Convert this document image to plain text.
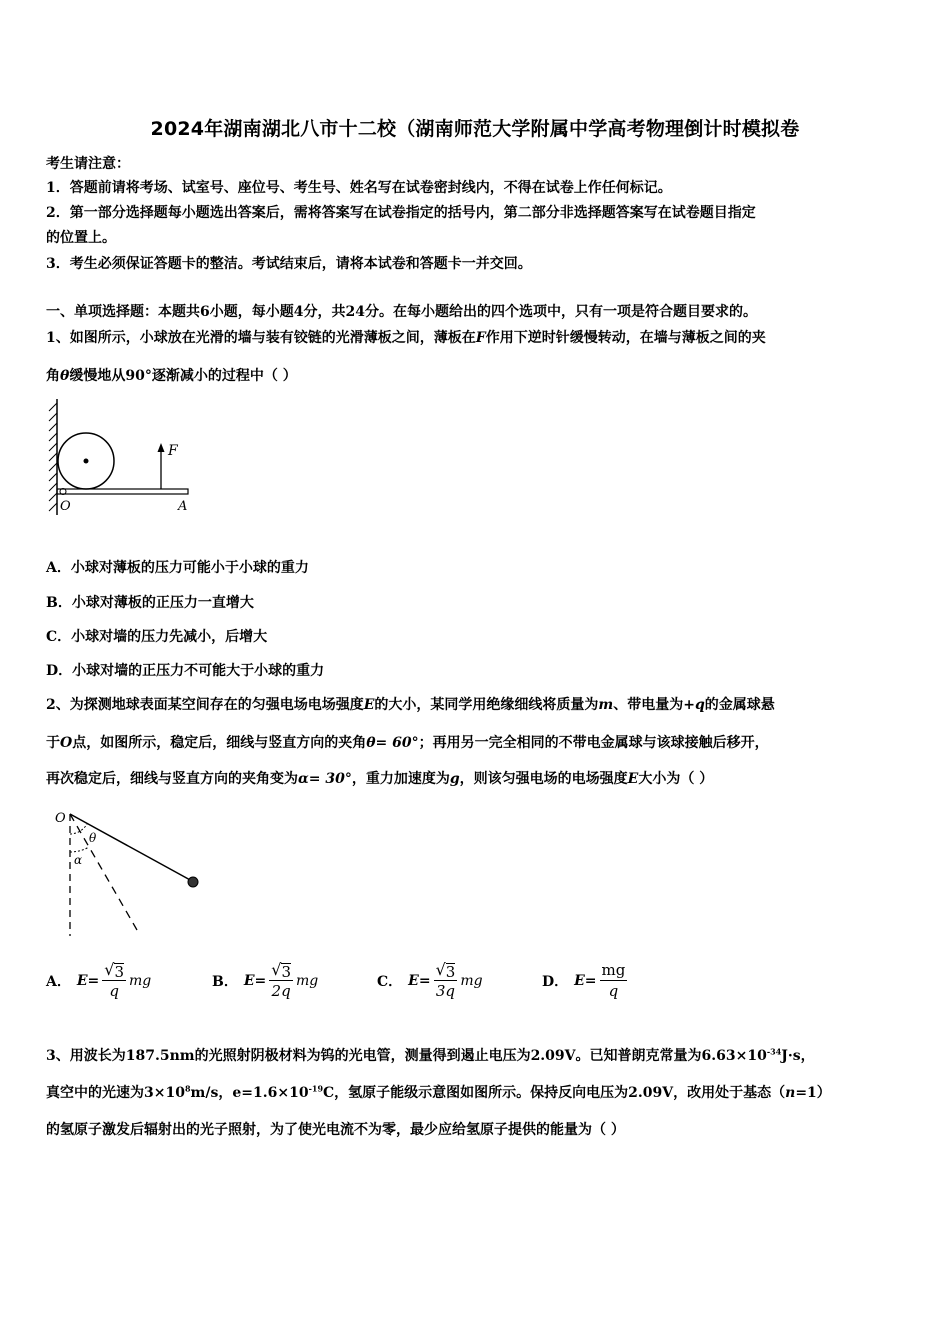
2024年湖南湖北八市十二校（湖南师范大学附属中学高考物理倒计时模拟卷
考生请注意：
1．答题前请将考场、试室号、座位号、考生号、姓名写在试卷密封线内，不得在试卷上作任何标记。
2．第一部分选择题每小题选出答案后，需将答案写在试卷指定的括号内，第二部分非选择题答案写在试卷题目指定
的位置上。
3．考生必须保证答题卡的整洁。考试结束后，请将本试卷和答题卡一并交回。
一、单项选择题：本题共6小题，每小题4分，共24分。在每小题给出的四个选项中，只有一项是符合题目要求的。
1、如图所示，小球放在光滑的墙与装有铰链的光滑薄板之间，薄板在F作用下逆时针缓慢转动，在墙与薄板之间的夹
角θ缓慢地从90°逐渐减小的过程中（ ）
F
O	A
A．小球对薄板的压力可能小于小球的重力
B．小球对薄板的正压力一直增大
C．小球对墙的压力先减小，后增大
D．小球对墙的正压力不可能大于小球的重力
2、为探测地球表面某空间存在的匀强电场电场强度E的大小，某同学用绝缘细线将质量为m、带电量为+q的金属球悬
于O点，如图所示，稳定后，细线与竖直方向的夹角θ= 60°；再用另一完全相同的不带电金属球与该球接触后移开，
再次稳定后，细线与竖直方向的夹角变为α= 30°，重力加速度为g，则该匀强电场的电场强度E大小为（ ）
O
θ
α
A． $E= \frac{√ 3}{q}$ mg	B． $E= \frac{√ 3}{2q}$ mg	C． $E= \frac{√ 3}{3q}$ mg	D． $E= \frac{mg}{q}$
3、用波长为187.5nm的光照射阴极材料为钨的光电管，测量得到遏止电压为2.09V。已知普朗克常量为$6.63\times 10^{-34}J\cdot s$，
真空中的光速为$3\times 10^8m/s$，$e=1.6\times 10^{-19}C$，氢原子能级示意图如图所示。保持反向电压为2.09V，改用处于基态（n=1）
的氢原子激发后辐射出的光子照射，为了使光电流不为零，最少应给氢原子提供的能量为（ ）
